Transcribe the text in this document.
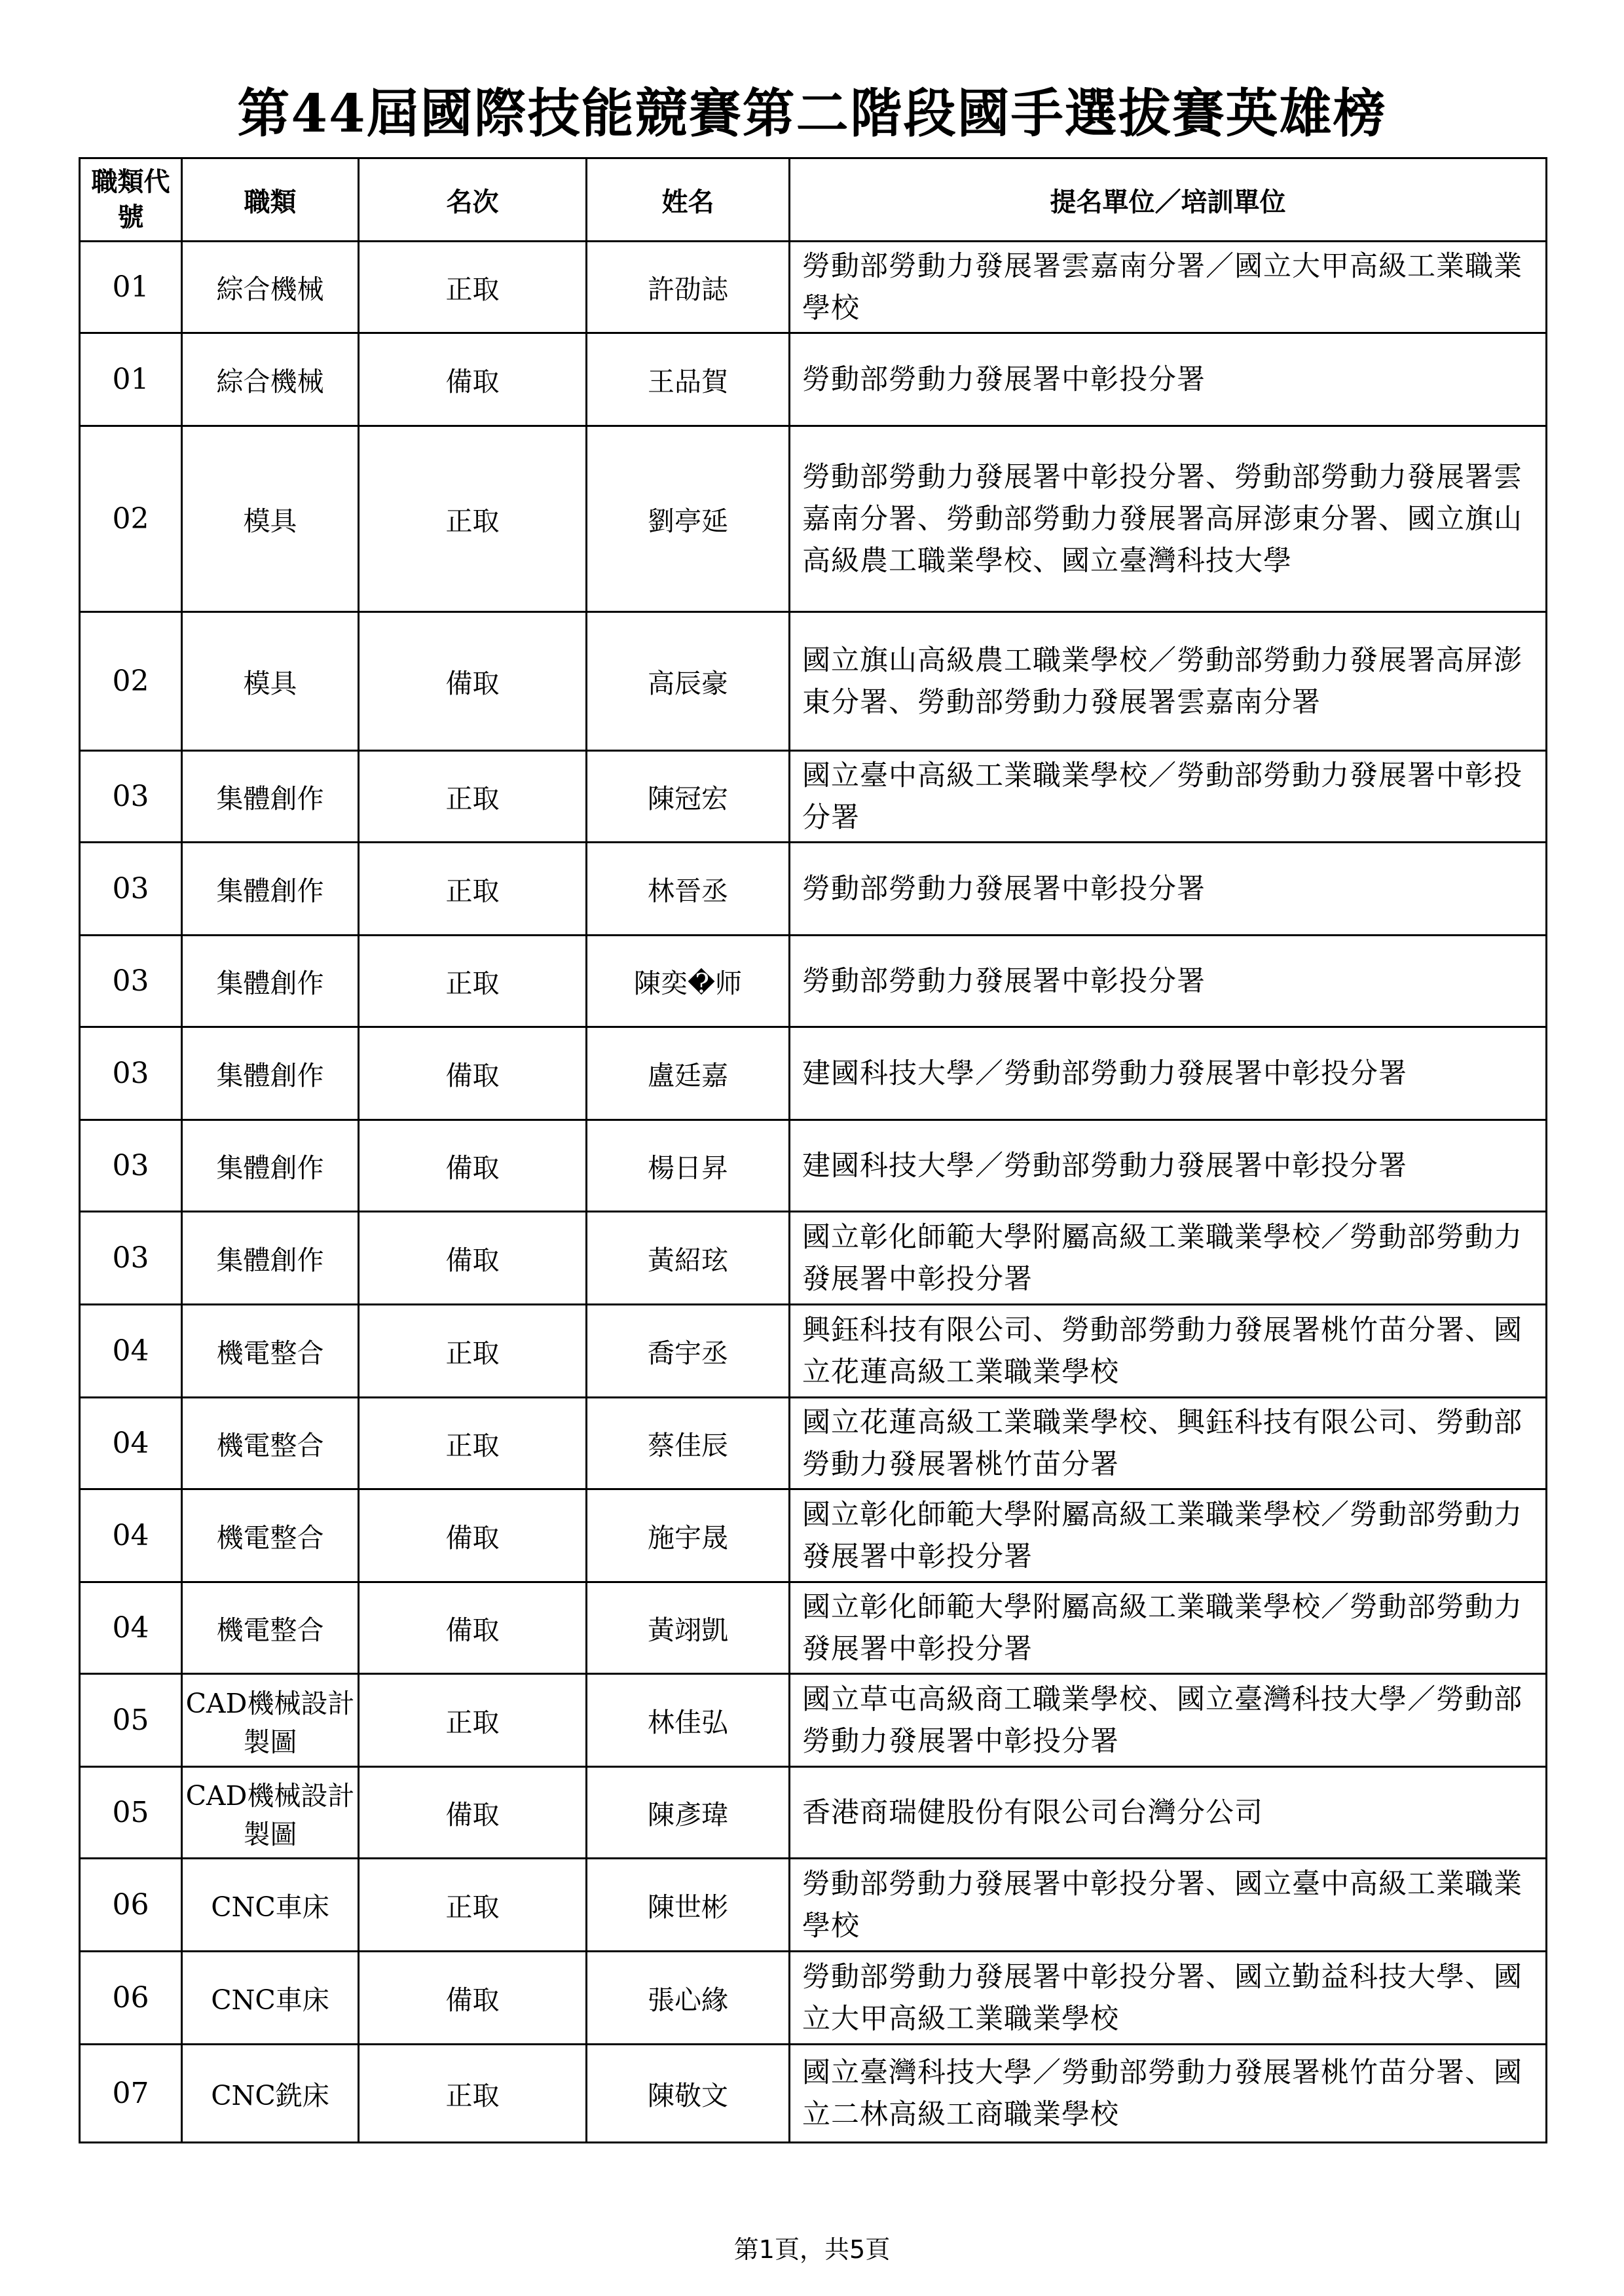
第44屆國際技能競賽第二階段國手選拔賽英雄榜
職類代號	職類	名次	姓名	提名單位／培訓單位
01	綜合機械	正取	許劭誌	勞動部勞動力發展署雲嘉南分署／國立大甲高級工業職業學校
01	綜合機械	備取	王品賀	勞動部勞動力發展署中彰投分署
02	模具	正取	劉亭延	勞動部勞動力發展署中彰投分署、勞動部勞動力發展署雲嘉南分署、勞動部勞動力發展署高屏澎東分署、國立旗山高級農工職業學校、國立臺灣科技大學
02	模具	備取	高辰豪	國立旗山高級農工職業學校／勞動部勞動力發展署高屏澎東分署、勞動部勞動力發展署雲嘉南分署
03	集體創作	正取	陳冠宏	國立臺中高級工業職業學校／勞動部勞動力發展署中彰投分署
03	集體創作	正取	林晉丞	勞動部勞動力發展署中彰投分署
03	集體創作	正取	陳奕�师	勞動部勞動力發展署中彰投分署
03	集體創作	備取	盧廷嘉	建國科技大學／勞動部勞動力發展署中彰投分署
03	集體創作	備取	楊日昇	建國科技大學／勞動部勞動力發展署中彰投分署
03	集體創作	備取	黃紹玹	國立彰化師範大學附屬高級工業職業學校／勞動部勞動力發展署中彰投分署
04	機電整合	正取	喬宇丞	興鈺科技有限公司、勞動部勞動力發展署桃竹苗分署、國立花蓮高級工業職業學校
04	機電整合	正取	蔡佳辰	國立花蓮高級工業職業學校、興鈺科技有限公司、勞動部勞動力發展署桃竹苗分署
04	機電整合	備取	施宇晟	國立彰化師範大學附屬高級工業職業學校／勞動部勞動力發展署中彰投分署
04	機電整合	備取	黃翊凱	國立彰化師範大學附屬高級工業職業學校／勞動部勞動力發展署中彰投分署
05	CAD機械設計製圖	正取	林佳弘	國立草屯高級商工職業學校、國立臺灣科技大學／勞動部勞動力發展署中彰投分署
05	CAD機械設計製圖	備取	陳彥瑋	香港商瑞健股份有限公司台灣分公司
06	CNC車床	正取	陳世彬	勞動部勞動力發展署中彰投分署、國立臺中高級工業職業學校
06	CNC車床	備取	張心緣	勞動部勞動力發展署中彰投分署、國立勤益科技大學、國立大甲高級工業職業學校
07	CNC銑床	正取	陳敬文	國立臺灣科技大學／勞動部勞動力發展署桃竹苗分署、國立二林高級工商職業學校
第1頁，共5頁
